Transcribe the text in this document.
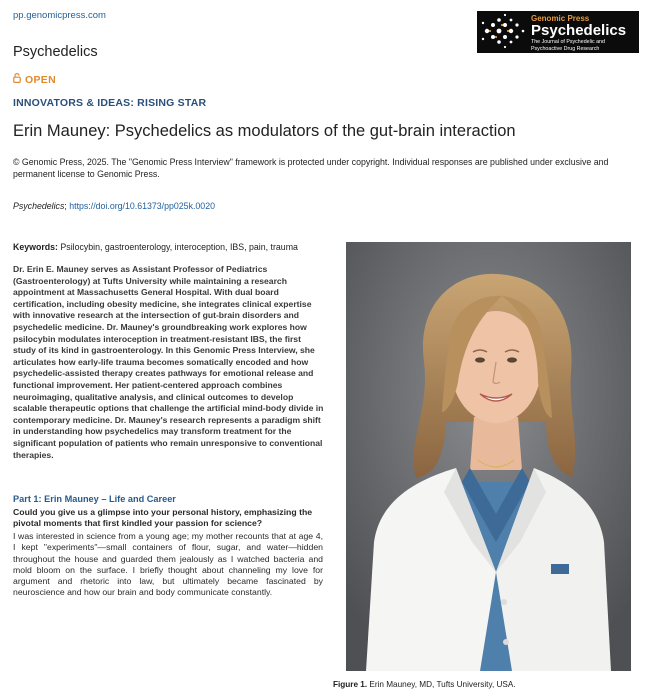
pp.genomicpress.com	Genomic Press
Psychedelics
The Journal of Psychedelic and Psychoactive Drug Research
Psychedelics
OPEN
INNOVATORS & IDEAS: RISING STAR
Erin Mauney: Psychedelics as modulators of the gut-brain interaction
© Genomic Press, 2025. The "Genomic Press Interview" framework is protected under copyright. Individual responses are published under exclusive and permanent license to Genomic Press.
Psychedelics; https://doi.org/10.61373/pp025k.0020
Keywords: Psilocybin, gastroenterology, interoception, IBS, pain, trauma
Dr. Erin E. Mauney serves as Assistant Professor of Pediatrics (Gastroenterology) at Tufts University while maintaining a research appointment at Massachusetts General Hospital. With dual board certification, including obesity medicine, she integrates clinical expertise with innovative research at the intersection of gut-brain disorders and psychedelic medicine. Dr. Mauney's groundbreaking work explores how psilocybin modulates interoception in treatment-resistant IBS, the first study of its kind in gastroenterology. In this Genomic Press Interview, she articulates how early-life trauma becomes somatically encoded and how psychedelic-assisted therapy creates pathways for emotional release and functional improvement. Her patient-centered approach combines neuroimaging, qualitative analysis, and clinical outcomes to develop scalable therapeutic options that challenge the artificial mind-body divide in contemporary medicine. Dr. Mauney's research represents a paradigm shift in understanding how psychedelics may transform treatment for the significant population of patients who remain unresponsive to conventional therapies.
Part 1: Erin Mauney – Life and Career
Could you give us a glimpse into your personal history, emphasizing the pivotal moments that first kindled your passion for science?
I was interested in science from a young age; my mother recounts that at age 4, I kept "experiments"—small containers of flour, sugar, and water—hidden throughout the house and guarded them jealously as I watched bacteria and mold bloom on the surface. I briefly thought about channeling my love for argument and rhetoric into law, but ultimately became fascinated by neuroscience and how our brain and body communicate constantly.
Figure 1. Erin Mauney, MD, Tufts University, USA.
